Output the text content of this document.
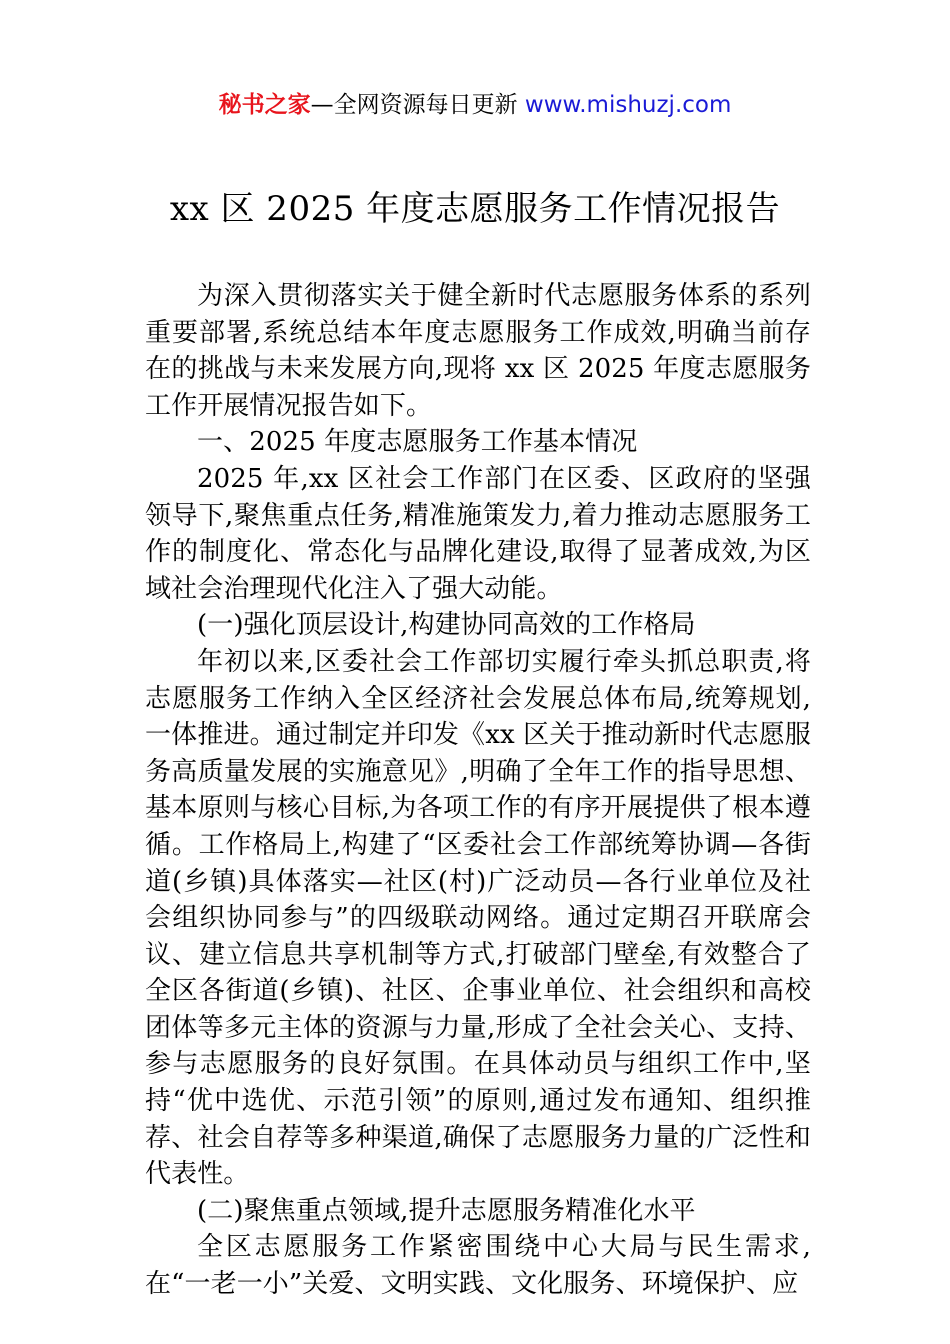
秘书之家—全网资源每日更新 www.mishuzj.com
xx 区 2025 年度志愿服务工作情况报告

为深入贯彻落实关于健全新时代志愿服务体系的系列重要部署,系统总结本年度志愿服务工作成效,明确当前存在的挑战与未来发展方向,现将 xx 区 2025 年度志愿服务工作开展情况报告如下。

一、2025 年度志愿服务工作基本情况

2025 年,xx 区社会工作部门在区委、区政府的坚强领导下,聚焦重点任务,精准施策发力,着力推动志愿服务工作的制度化、常态化与品牌化建设,取得了显著成效,为区域社会治理现代化注入了强大动能。

(一)强化顶层设计,构建协同高效的工作格局

年初以来,区委社会工作部切实履行牵头抓总职责,将志愿服务工作纳入全区经济社会发展总体布局,统筹规划,一体推进。通过制定并印发《xx 区关于推动新时代志愿服务高质量发展的实施意见》,明确了全年工作的指导思想、基本原则与核心目标,为各项工作的有序开展提供了根本遵循。工作格局上,构建了“区委社会工作部统筹协调—各街道(乡镇)具体落实—社区(村)广泛动员—各行业单位及社会组织协同参与”的四级联动网络。通过定期召开联席会议、建立信息共享机制等方式,打破部门壁垒,有效整合了全区各街道(乡镇)、社区、企事业单位、社会组织和高校团体等多元主体的资源与力量,形成了全社会关心、支持、参与志愿服务的良好氛围。在具体动员与组织工作中,坚持“优中选优、示范引领”的原则,通过发布通知、组织推荐、社会自荐等多种渠道,确保了志愿服务力量的广泛性和代表性。

(二)聚焦重点领域,提升志愿服务精准化水平

全区志愿服务工作紧密围绕中心大局与民生需求,在“一老一小”关爱、文明实践、文化服务、环境保护、应
